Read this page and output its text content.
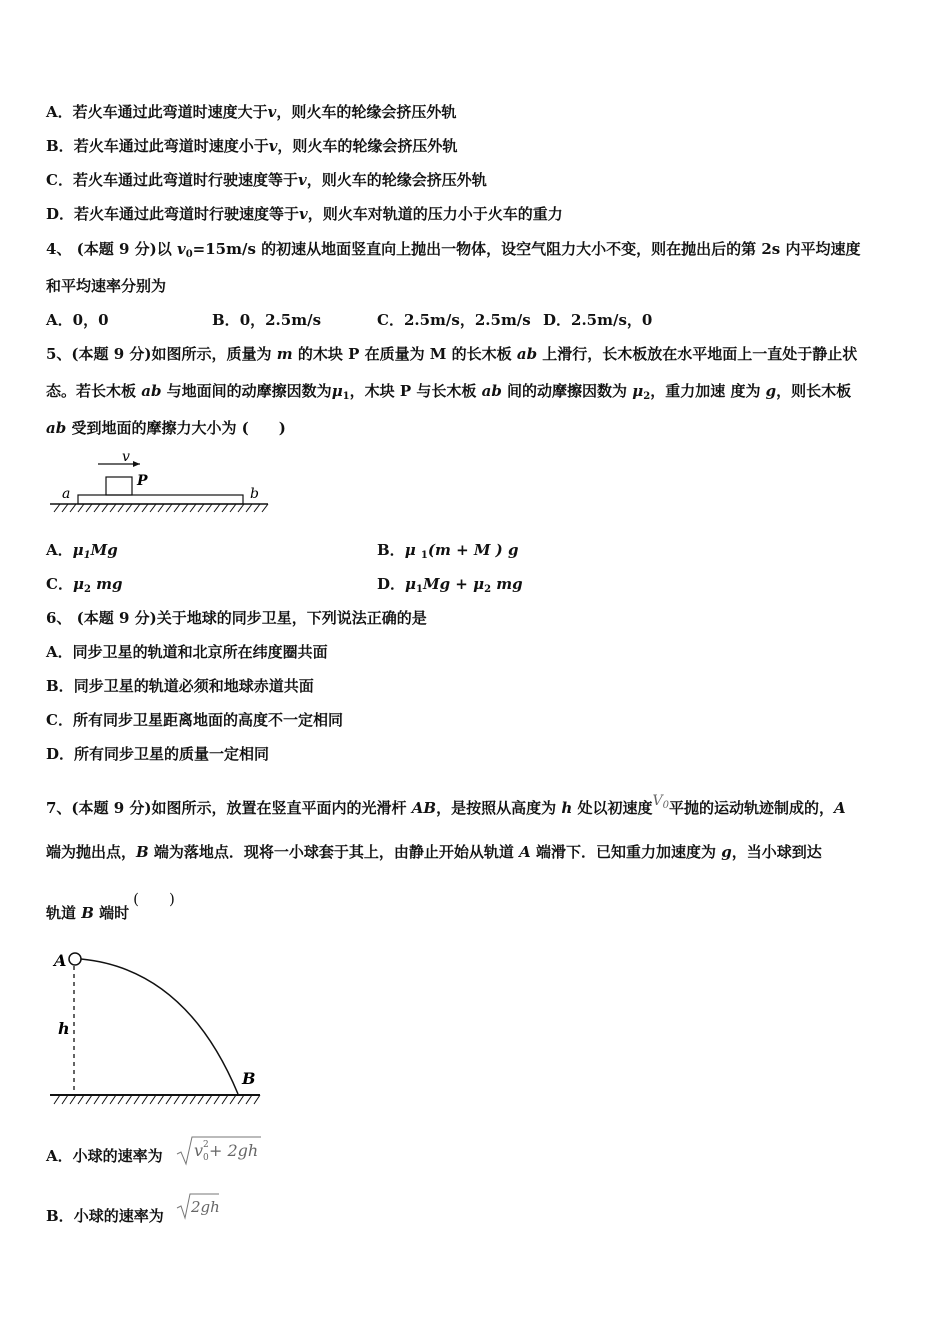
A．若火车通过此弯道时速度大于v，则火车的轮缘会挤压外轨
B．若火车通过此弯道时速度小于v，则火车的轮缘会挤压外轨
C．若火车通过此弯道时行驶速度等于v，则火车的轮缘会挤压外轨
D．若火车通过此弯道时行驶速度等于v，则火车对轨道的压力小于火车的重力
4、 (本题 9 分)以 $v_0=15m/s$ 的初速从地面竖直向上抛出一物体，设空气阻力大小不变，则在抛出后的第 2s 内平均速度
和平均速率分别为
A．0，0	B．0，2.5m/s	C．2.5m/s，2.5m/s D．2.5m/s，0
5、(本题 9 分)如图所示，质量为 m 的木块 P 在质量为 M 的长木板 ab 上滑行，长木板放在水平地面上一直处于静止状
态。若长木板 ab 与地面间的动摩擦因数为$\mu_1$，木块 P 与长木板 ab 间的动摩擦因数为 $\mu_2$，重力加速 度为 g，则长木板
ab 受到地面的摩擦力大小为 (　　)
v
P
a	b
A．$\mu_1Mg$	B．μ $_1$(m + M ) g
C．$\mu_2$ mg	D．$\mu_1Mg + \mu_2$ mg
6、 (本题 9 分)关于地球的同步卫星，下列说法正确的是
A．同步卫星的轨道和北京所在纬度圈共面
B．同步卫星的轨道必须和地球赤道共面
C．所有同步卫星距离地面的高度不一定相同
D．所有同步卫星的质量一定相同
7、(本题 9 分)如图所示，放置在竖直平面内的光滑杆 AB，是按照从高度为 h 处以初速度$V^0$平抛的运动轨迹制成的，A
端为抛出点，B 端为落地点．现将一小球套于其上，由静止开始从轨道 A 端滑下．已知重力加速度为 g，当小球到达
轨道 B 端时(　　)
A
h
B
A．小球的速率为 v 2
0 + 2gh
B．小球的速率为 2gh
